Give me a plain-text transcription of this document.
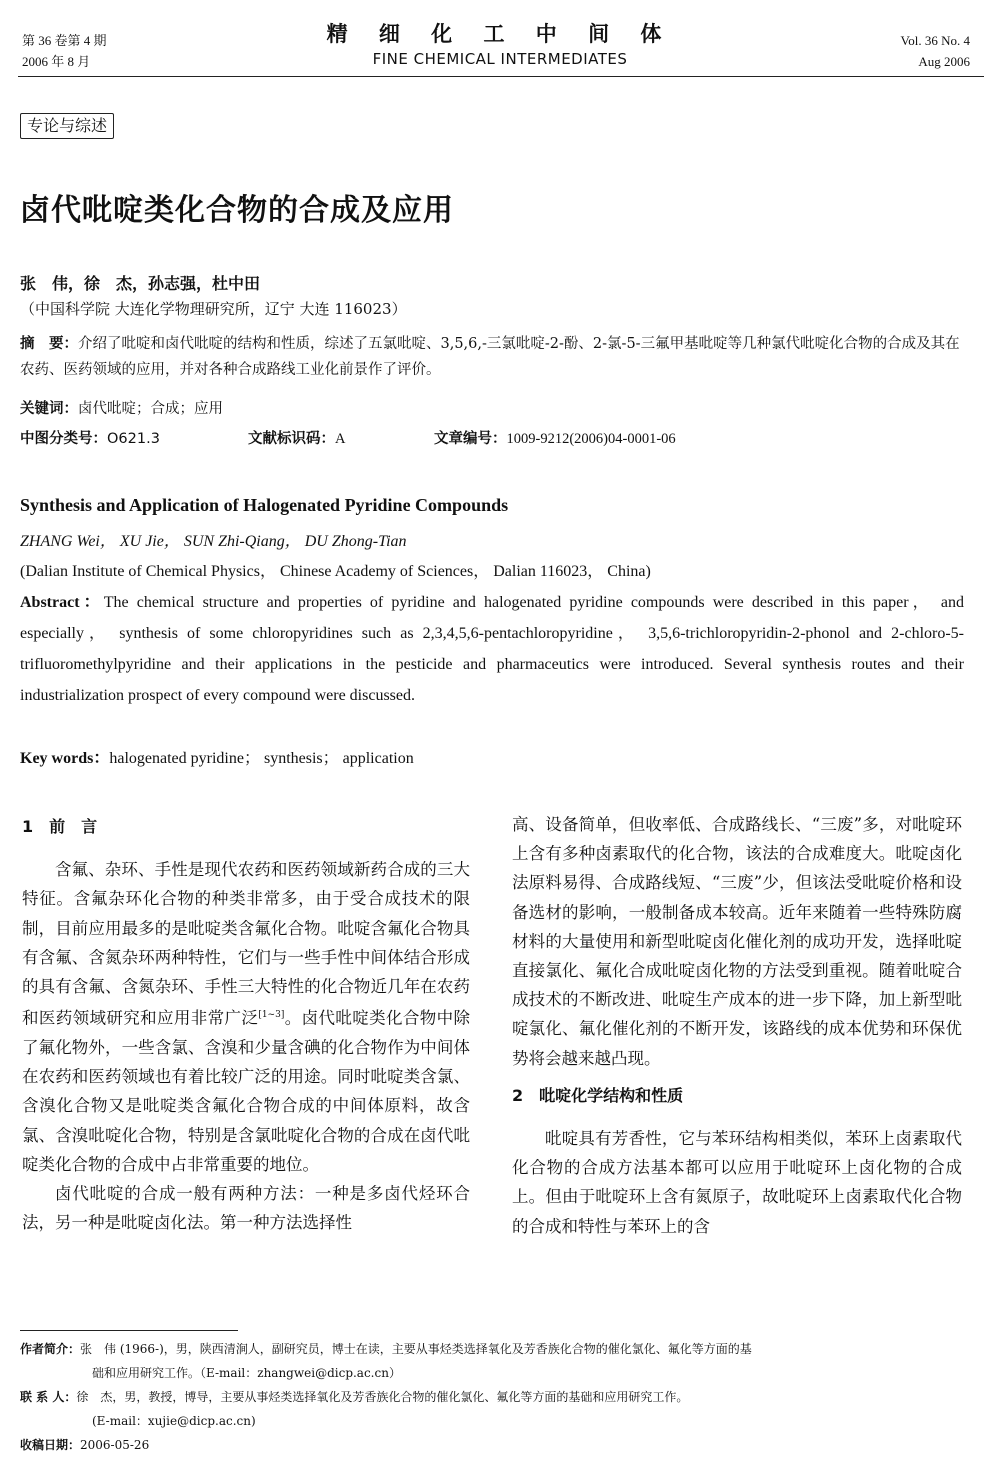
第 36 卷第 4 期
2006 年 8 月
精 细 化 工 中 间 体
FINE CHEMICAL INTERMEDIATES
Vol. 36 No. 4
Aug 2006
专论与综述
卤代吡啶类化合物的合成及应用
张　伟，徐　杰，孙志强，杜中田
（中国科学院 大连化学物理研究所，辽宁 大连 116023）
摘　要：介绍了吡啶和卤代吡啶的结构和性质，综述了五氯吡啶、3,5,6,-三氯吡啶-2-酚、2-氯-5-三氟甲基吡啶等几种氯代吡啶化合物的合成及其在农药、医药领域的应用，并对各种合成路线工业化前景作了评价。
关键词：卤代吡啶；合成；应用
中图分类号：O621.3	文献标识码：A	文章编号：1009-9212(2006)04-0001-06
Synthesis and Application of Halogenated Pyridine Compounds
ZHANG Wei， XU Jie， SUN Zhi-Qiang， DU Zhong-Tian
(Dalian Institute of Chemical Physics， Chinese Academy of Sciences， Dalian 116023， China)
Abstract：The chemical structure and properties of pyridine and halogenated pyridine compounds were described in this paper， and especially， synthesis of some chloropyridines such as 2,3,4,5,6-pentachloropyridine， 3,5,6-trichloropyridin-2-phonol and 2-chloro-5-trifluoromethylpyridine and their applications in the pesticide and pharmaceutics were introduced. Several synthesis routes and their industrialization prospect of every compound were discussed.
Key words：halogenated pyridine； synthesis； application
1　前　言

含氟、杂环、手性是现代农药和医药领域新药合成的三大特征。含氟杂环化合物的种类非常多，由于受合成技术的限制，目前应用最多的是吡啶类含氟化合物。吡啶含氟化合物具有含氟、含氮杂环两种特性，它们与一些手性中间体结合形成的具有含氟、含氮杂环、手性三大特性的化合物近几年在农药和医药领域研究和应用非常广泛[1~3]。卤代吡啶类化合物中除了氟化物外，一些含氯、含溴和少量含碘的化合物作为中间体在农药和医药领域也有着比较广泛的用途。同时吡啶类含氯、含溴化合物又是吡啶类含氟化合物合成的中间体原料，故含氯、含溴吡啶化合物，特别是含氯吡啶化合物的合成在卤代吡啶类化合物的合成中占非常重要的地位。

卤代吡啶的合成一般有两种方法：一种是多卤代烃环合法，另一种是吡啶卤化法。第一种方法选择性

高、设备简单，但收率低、合成路线长、“三废”多，对吡啶环上含有多种卤素取代的化合物，该法的合成难度大。吡啶卤化法原料易得、合成路线短、“三废”少，但该法受吡啶价格和设备选材的影响，一般制备成本较高。近年来随着一些特殊防腐材料的大量使用和新型吡啶卤化催化剂的成功开发，选择吡啶直接氯化、氟化合成吡啶卤化物的方法受到重视。随着吡啶合成技术的不断改进、吡啶生产成本的进一步下降，加上新型吡啶氯化、氟化催化剂的不断开发，该路线的成本优势和环保优势将会越来越凸现。

2　吡啶化学结构和性质

吡啶具有芳香性，它与苯环结构相类似，苯环上卤素取代化合物的合成方法基本都可以应用于吡啶环上卤化物的合成上。但由于吡啶环上含有氮原子，故吡啶环上卤素取代化合物的合成和特性与苯环上的含

作者简介：张　伟 (1966-)，男，陕西清涧人，副研究员，博士在读，主要从事烃类选择氧化及芳香族化合物的催化氯化、氟化等方面的基
础和应用研究工作。（E-mail：zhangwei@dicp.ac.cn）
联 系 人：徐　杰，男，教授，博导，主要从事烃类选择氧化及芳香族化合物的催化氯化、氟化等方面的基础和应用研究工作。
(E-mail：xujie@dicp.ac.cn)
收稿日期：2006-05-26
